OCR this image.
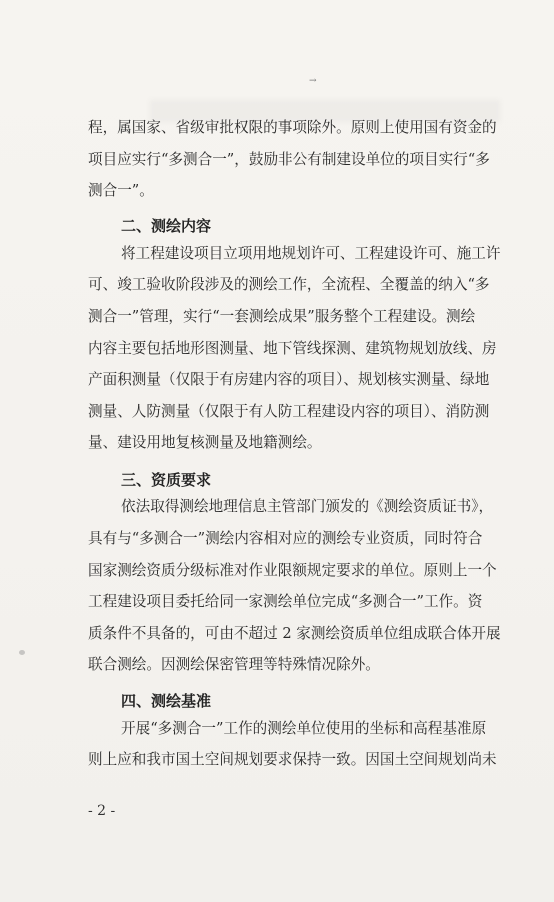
→
程，属国家、省级审批权限的事项除外。原则上使用国有资金的
项目应实行“多测合一”，鼓励非公有制建设单位的项目实行“多
测合一”。
二、测绘内容
将工程建设项目立项用地规划许可、工程建设许可、施工许
可、竣工验收阶段涉及的测绘工作，全流程、全覆盖的纳入“多
测合一”管理，实行“一套测绘成果”服务整个工程建设。测绘
内容主要包括地形图测量、地下管线探测、建筑物规划放线、房
产面积测量（仅限于有房建内容的项目）、规划核实测量、绿地
测量、人防测量（仅限于有人防工程建设内容的项目）、消防测
量、建设用地复核测量及地籍测绘。
三、资质要求
依法取得测绘地理信息主管部门颁发的《测绘资质证书》，
具有与“多测合一”测绘内容相对应的测绘专业资质，同时符合
国家测绘资质分级标准对作业限额规定要求的单位。原则上一个
工程建设项目委托给同一家测绘单位完成“多测合一”工作。资
质条件不具备的，可由不超过 2 家测绘资质单位组成联合体开展
联合测绘。因测绘保密管理等特殊情况除外。
四、测绘基准
开展“多测合一”工作的测绘单位使用的坐标和高程基准原
则上应和我市国土空间规划要求保持一致。因国土空间规划尚未
- 2 -
